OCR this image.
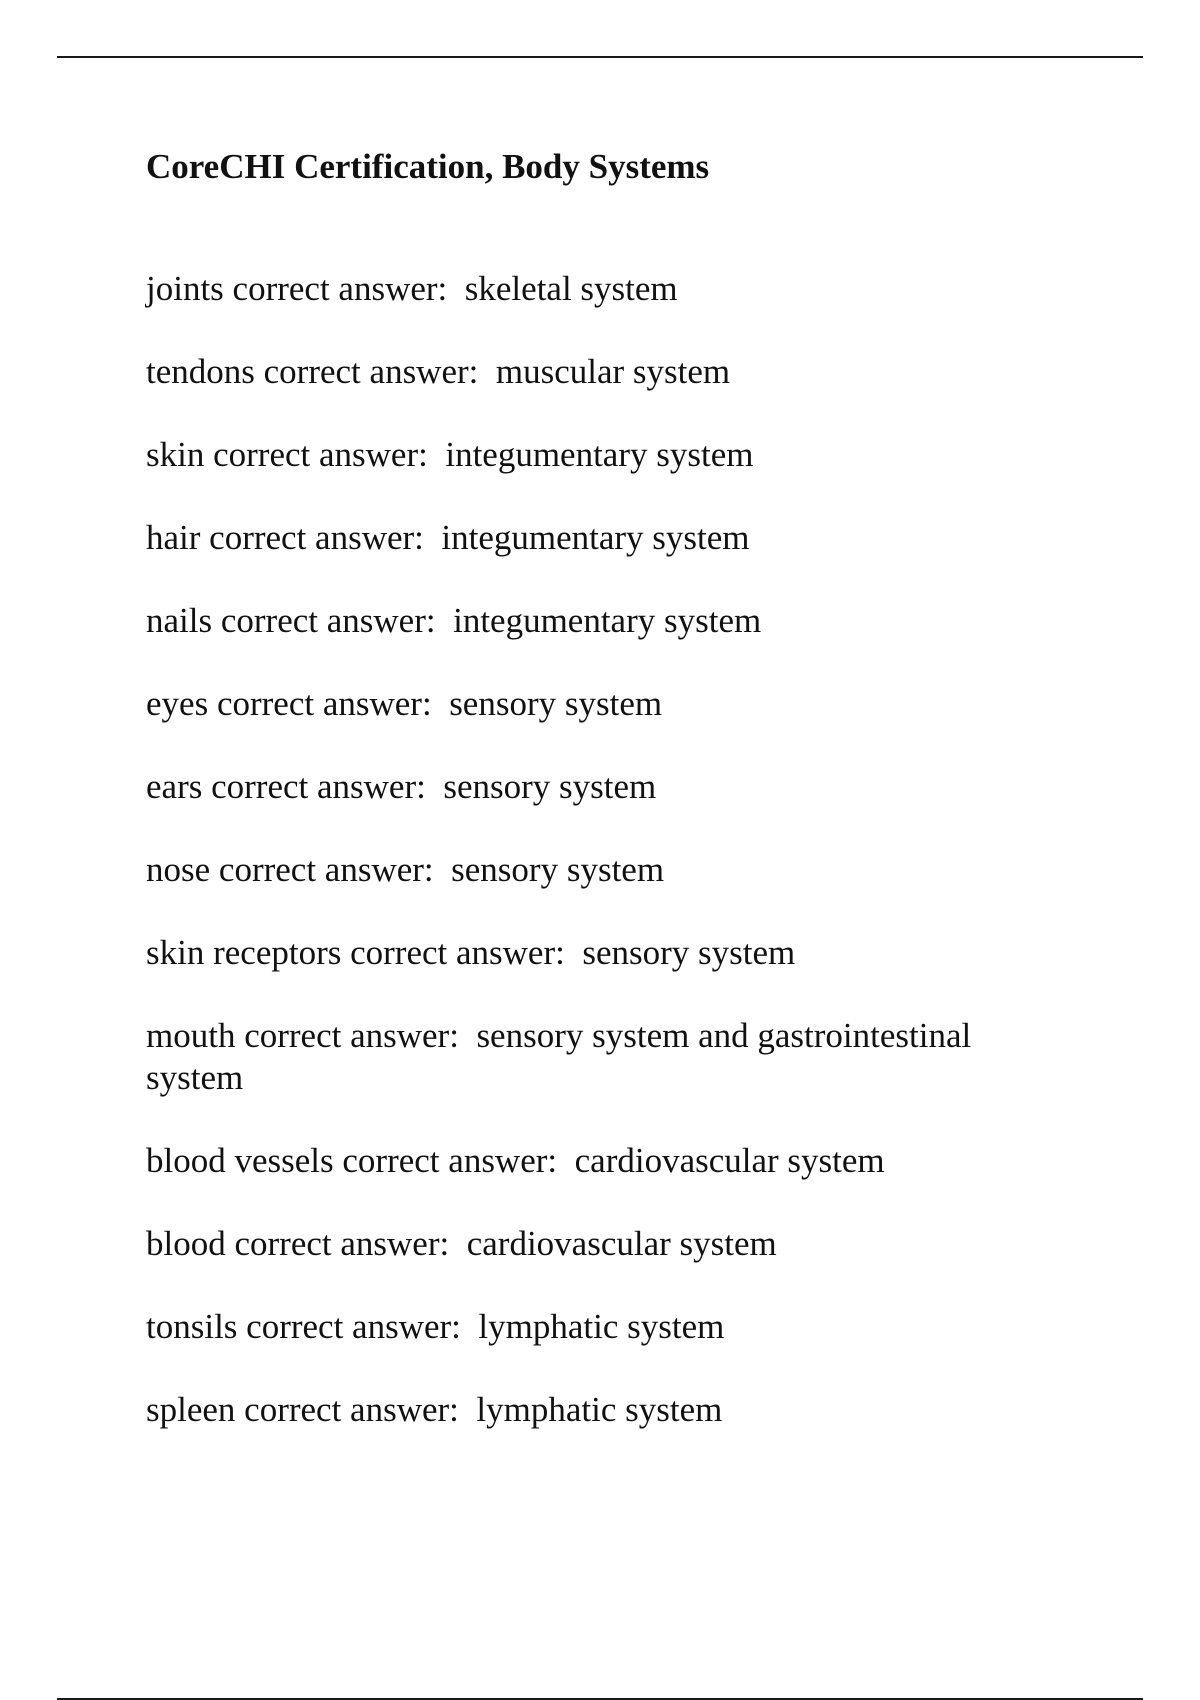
CoreCHI Certification, Body Systems
joints correct answer:  skeletal system
tendons correct answer:  muscular system
skin correct answer:  integumentary system
hair correct answer:  integumentary system
nails correct answer:  integumentary system
eyes correct answer:  sensory system
ears correct answer:  sensory system
nose correct answer:  sensory system
skin receptors correct answer:  sensory system
mouth correct answer:  sensory system and gastrointestinal system
blood vessels correct answer:  cardiovascular system
blood correct answer:  cardiovascular system
tonsils correct answer:  lymphatic system
spleen correct answer:  lymphatic system
